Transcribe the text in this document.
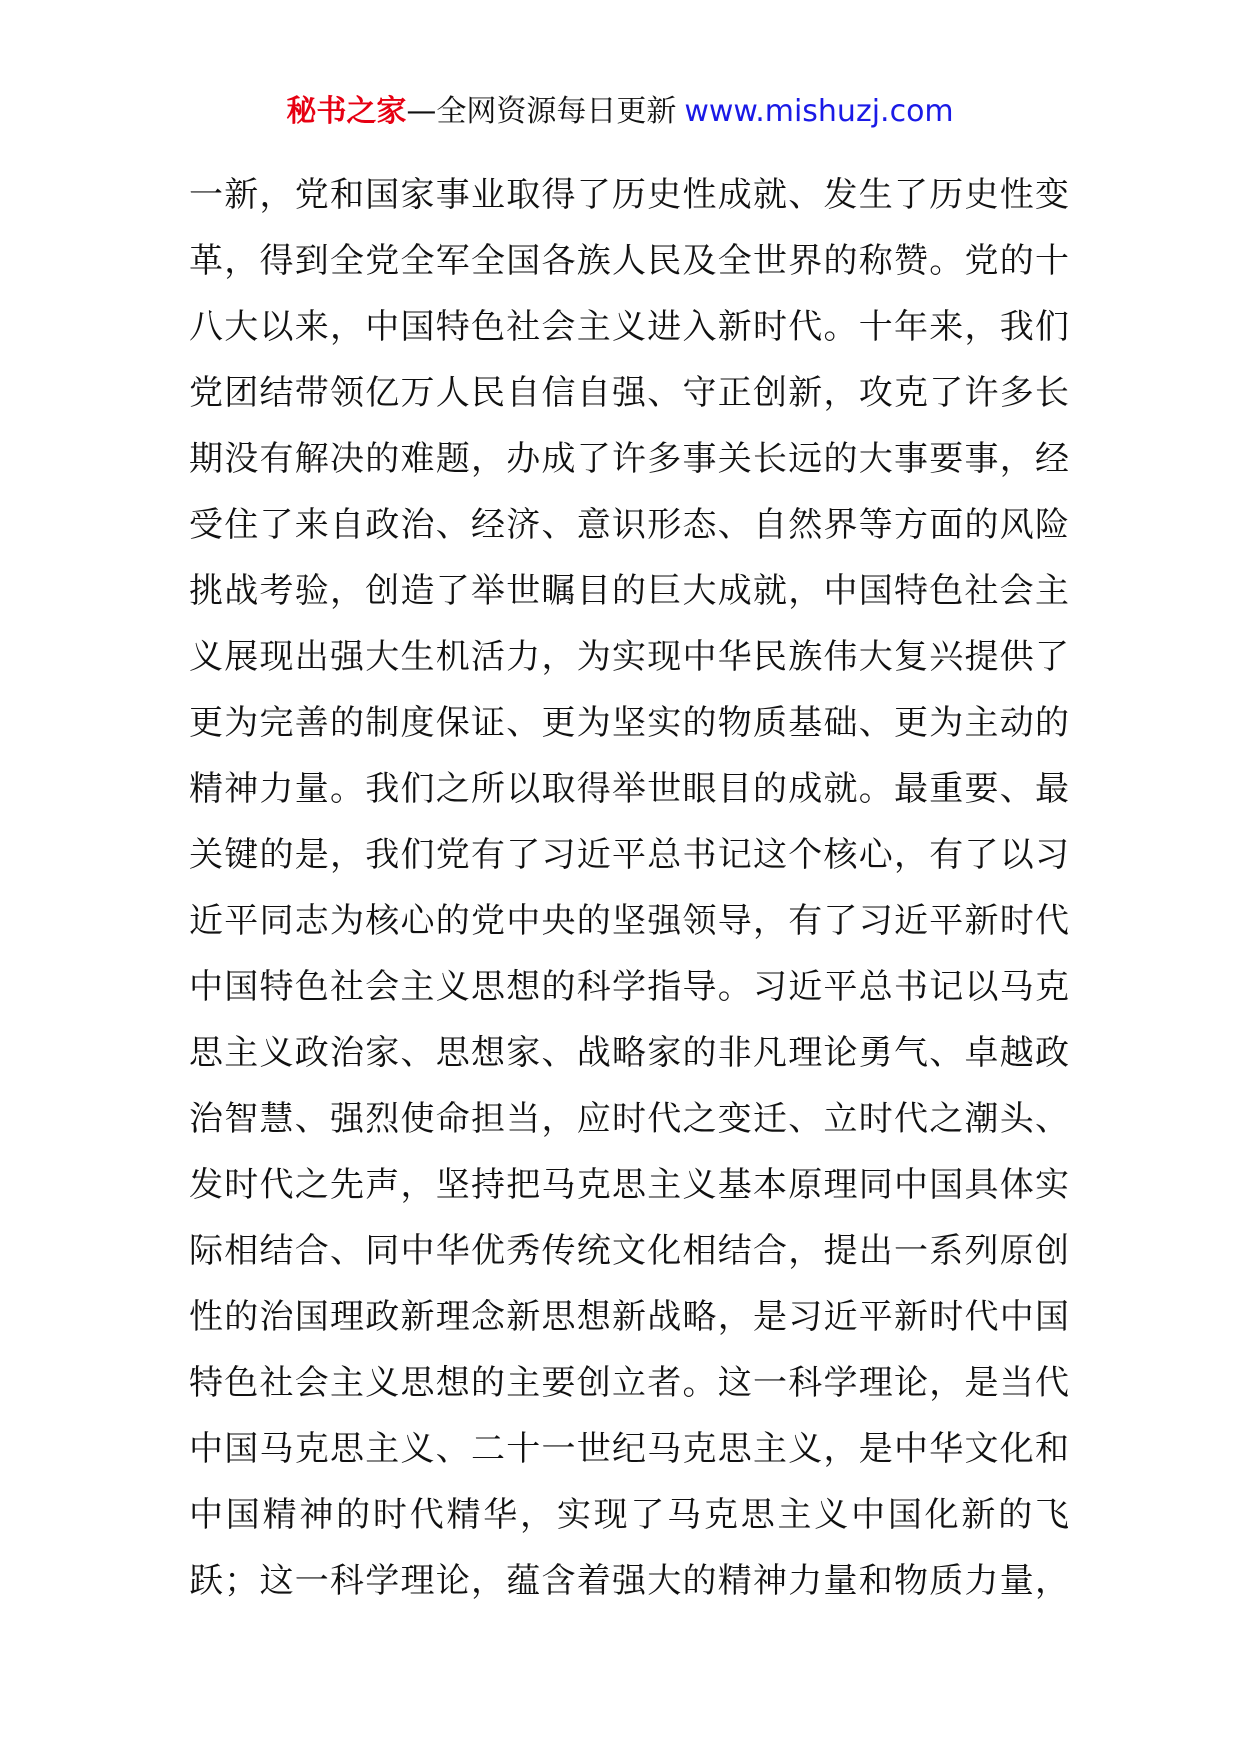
秘书之家—全网资源每日更新 www.mishuzj.com
一新，党和国家事业取得了历史性成就、发生了历史性变
革，得到全党全军全国各族人民及全世界的称赞。党的十
八大以来，中国特色社会主义进入新时代。十年来，我们
党团结带领亿万人民自信自强、守正创新，攻克了许多长
期没有解决的难题，办成了许多事关长远的大事要事，经
受住了来自政治、经济、意识形态、自然界等方面的风险
挑战考验，创造了举世瞩目的巨大成就，中国特色社会主
义展现出强大生机活力，为实现中华民族伟大复兴提供了
更为完善的制度保证、更为坚实的物质基础、更为主动的
精神力量。我们之所以取得举世眼目的成就。最重要、最
关键的是，我们党有了习近平总书记这个核心，有了以习
近平同志为核心的党中央的坚强领导，有了习近平新时代
中国特色社会主义思想的科学指导。习近平总书记以马克
思主义政治家、思想家、战略家的非凡理论勇气、卓越政
治智慧、强烈使命担当，应时代之变迁、立时代之潮头、
发时代之先声，坚持把马克思主义基本原理同中国具体实
际相结合、同中华优秀传统文化相结合，提出一系列原创
性的治国理政新理念新思想新战略，是习近平新时代中国
特色社会主义思想的主要创立者。这一科学理论，是当代
中国马克思主义、二十一世纪马克思主义，是中华文化和
中国精神的时代精华，实现了马克思主义中国化新的飞
跃；这一科学理论，蕴含着强大的精神力量和物质力量，
